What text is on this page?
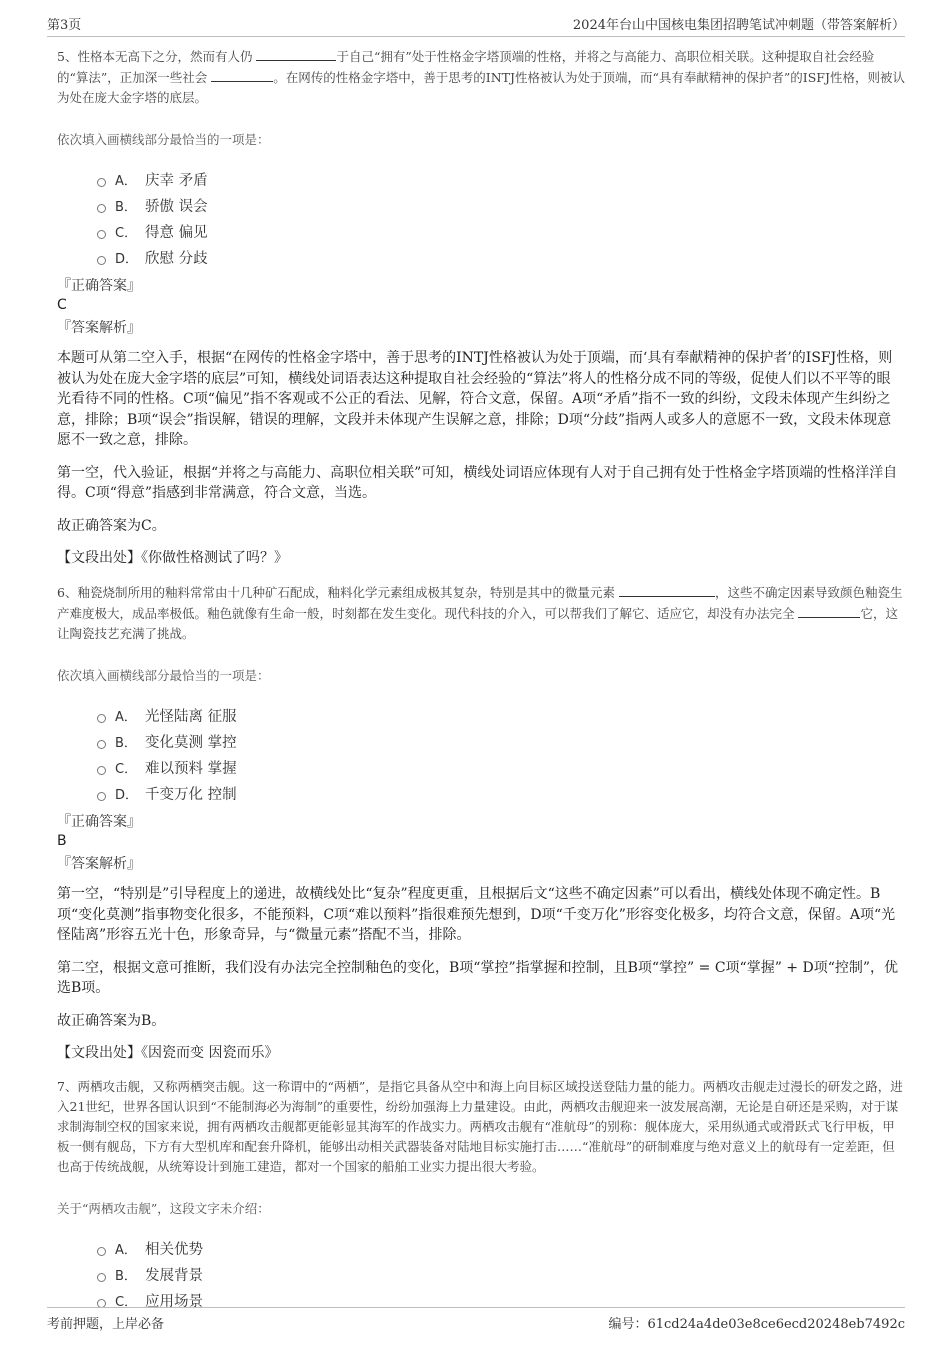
第3页	2024年台山中国核电集团招聘笔试冲刺题（带答案解析）

5、性格本无高下之分，然而有人仍	于自己“拥有”处于性格金字塔顶端的性格，并将之与高能力、高职位相关联。这种提取自社会经验的“算法”，正加深一些社会	。在网传的性格金字塔中，善于思考的INTJ性格被认为处于顶端，而“具有奉献精神的保护者”的ISFJ性格，则被认为处在庞大金字塔的底层。

依次填入画横线部分最恰当的一项是：

A． 庆幸 矛盾
B． 骄傲 误会
C． 得意 偏见
D． 欣慰 分歧

『正确答案』

C

『答案解析』

本题可从第二空入手，根据“在网传的性格金字塔中，善于思考的INTJ性格被认为处于顶端，而‘具有奉献精神的保护者’的ISFJ性格，则被认为处在庞大金字塔的底层”可知，横线处词语表达这种提取自社会经验的“算法”将人的性格分成不同的等级，促使人们以不平等的眼光看待不同的性格。C项“偏见”指不客观或不公正的看法、见解，符合文意，保留。A项“矛盾”指不一致的纠纷，文段未体现产生纠纷之意，排除；B项“误会”指误解，错误的理解，文段并未体现产生误解之意，排除；D项“分歧”指两人或多人的意愿不一致，文段未体现意愿不一致之意，排除。

第一空，代入验证，根据“并将之与高能力、高职位相关联”可知，横线处词语应体现有人对于自己拥有处于性格金字塔顶端的性格洋洋自得。C项“得意”指感到非常满意，符合文意，当选。

故正确答案为C。

【文段出处】《你做性格测试了吗？》

6、釉瓷烧制所用的釉料常常由十几种矿石配成，釉料化学元素组成极其复杂，特别是其中的微量元素	，这些不确定因素导致颜色釉瓷生产难度极大，成品率极低。釉色就像有生命一般，时刻都在发生变化。现代科技的介入，可以帮我们了解它、适应它，却没有办法完全	它，这让陶瓷技艺充满了挑战。

依次填入画横线部分最恰当的一项是：

A． 光怪陆离 征服
B． 变化莫测 掌控
C． 难以预料 掌握
D． 千变万化 控制

『正确答案』

B

『答案解析』

第一空，“特别是”引导程度上的递进，故横线处比“复杂”程度更重，且根据后文“这些不确定因素”可以看出，横线处体现不确定性。B项“变化莫测”指事物变化很多，不能预料，C项“难以预料”指很难预先想到，D项“千变万化”形容变化极多，均符合文意，保留。A项“光怪陆离”形容五光十色，形象奇异，与“微量元素”搭配不当，排除。

第二空，根据文意可推断，我们没有办法完全控制釉色的变化，B项“掌控”指掌握和控制，且B项“掌控” = C项“掌握” + D项“控制”，优选B项。

故正确答案为B。

【文段出处】《因瓷而变 因瓷而乐》

7、两栖攻击舰，又称两栖突击舰。这一称谓中的“两栖”，是指它具备从空中和海上向目标区域投送登陆力量的能力。两栖攻击舰走过漫长的研发之路，进入21世纪，世界各国认识到“不能制海必为海制”的重要性，纷纷加强海上力量建设。由此，两栖攻击舰迎来一波发展高潮，无论是自研还是采购，对于谋求制海制空权的国家来说，拥有两栖攻击舰都更能彰显其海军的作战实力。两栖攻击舰有“准航母”的别称：舰体庞大，采用纵通式或滑跃式飞行甲板，甲板一侧有舰岛，下方有大型机库和配套升降机，能够出动相关武器装备对陆地目标实施打击……“准航母”的研制难度与绝对意义上的航母有一定差距，但也高于传统战舰，从统筹设计到施工建造，都对一个国家的船舶工业实力提出很大考验。

关于“两栖攻击舰”，这段文字未介绍：

A． 相关优势
B． 发展背景
C． 应用场景
考前押题，上岸必备	编号：61cd24a4de03e8ce6ecd20248eb7492c
